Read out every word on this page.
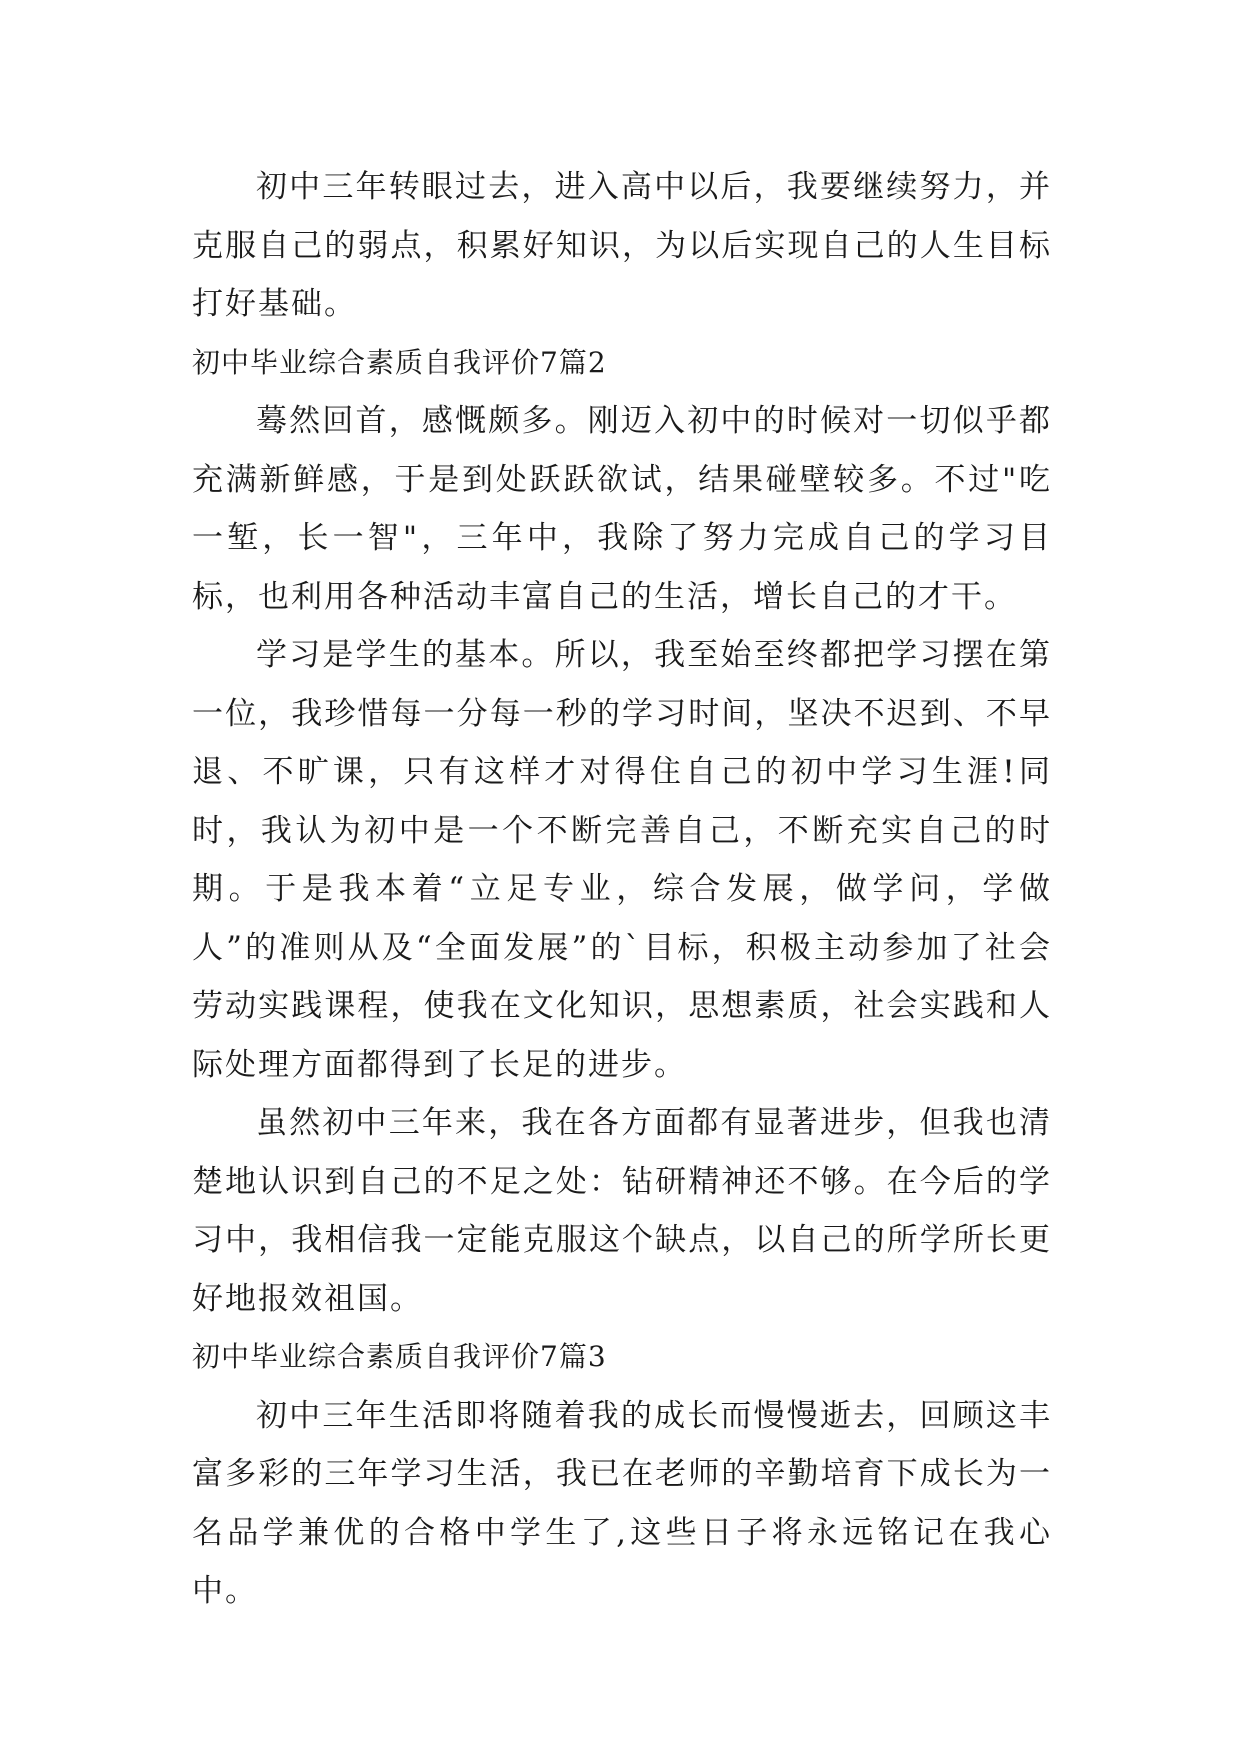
初中三年转眼过去，进入高中以后，我要继续努力，并克服自己的弱点，积累好知识，为以后实现自己的人生目标打好基础。

初中毕业综合素质自我评价7篇2

蓦然回首，感慨颇多。刚迈入初中的时候对一切似乎都充满新鲜感，于是到处跃跃欲试，结果碰壁较多。不过"吃一堑，长一智"，三年中，我除了努力完成自己的学习目标，也利用各种活动丰富自己的生活，增长自己的才干。

学习是学生的基本。所以，我至始至终都把学习摆在第一位，我珍惜每一分每一秒的学习时间，坚决不迟到、不早退、不旷课，只有这样才对得住自己的初中学习生涯!同时，我认为初中是一个不断完善自己，不断充实自己的时期。于是我本着“立足专业，综合发展，做学问，学做人”的准则从及“全面发展”的`目标，积极主动参加了社会劳动实践课程，使我在文化知识，思想素质，社会实践和人际处理方面都得到了长足的进步。

虽然初中三年来，我在各方面都有显著进步，但我也清楚地认识到自己的不足之处：钻研精神还不够。在今后的学习中，我相信我一定能克服这个缺点，以自己的所学所长更好地报效祖国。

初中毕业综合素质自我评价7篇3

初中三年生活即将随着我的成长而慢慢逝去，回顾这丰富多彩的三年学习生活，我已在老师的辛勤培育下成长为一名品学兼优的合格中学生了,这些日子将永远铭记在我心中。
